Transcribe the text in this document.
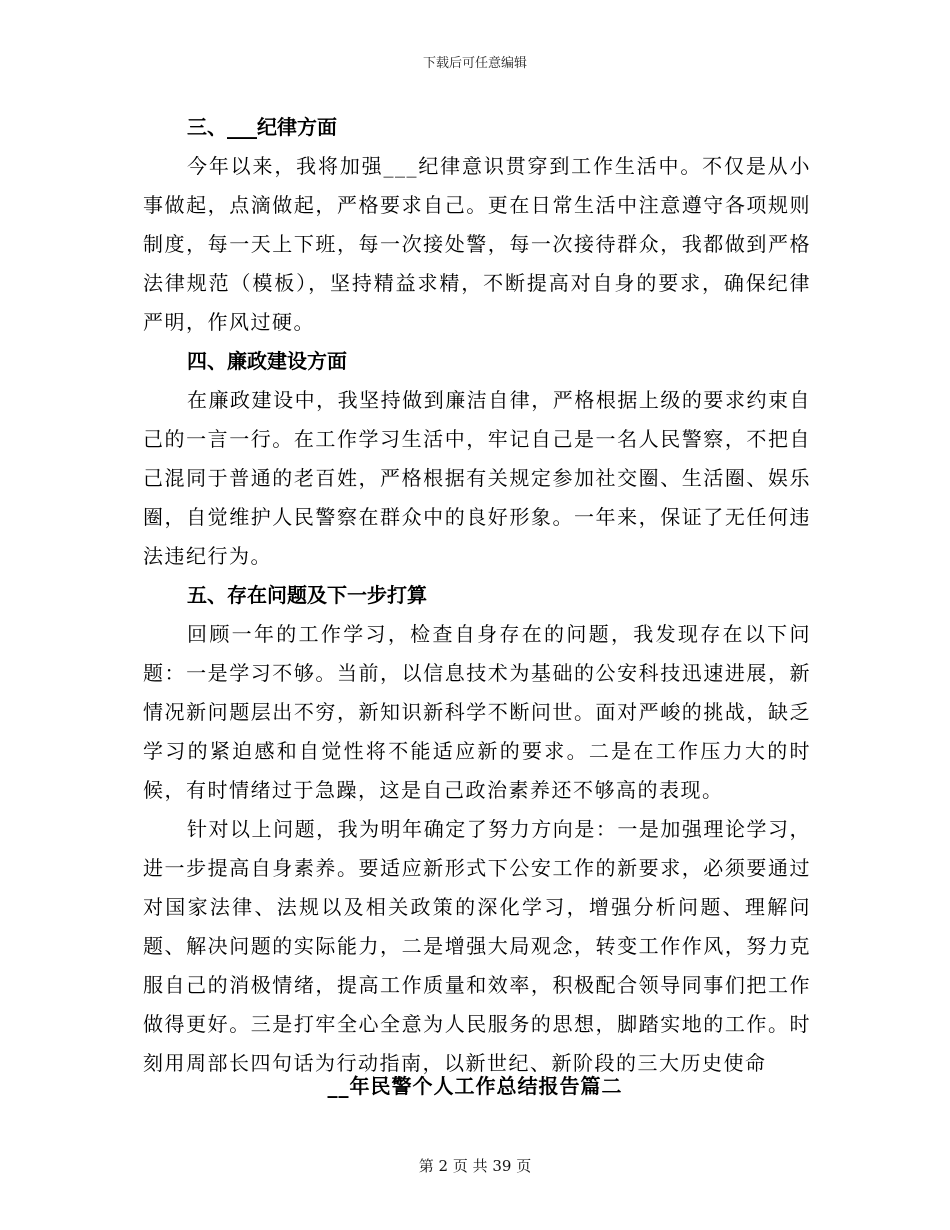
下载后可任意编辑

三、___纪律方面

今年以来，我将加强___纪律意识贯穿到工作生活中。不仅是从小事做起，点滴做起，严格要求自己。更在日常生活中注意遵守各项规则制度，每一天上下班，每一次接处警，每一次接待群众，我都做到严格法律规范（模板），坚持精益求精，不断提高对自身的要求，确保纪律严明，作风过硬。

四、廉政建设方面

在廉政建设中，我坚持做到廉洁自律，严格根据上级的要求约束自己的一言一行。在工作学习生活中，牢记自己是一名人民警察，不把自己混同于普通的老百姓，严格根据有关规定参加社交圈、生活圈、娱乐圈，自觉维护人民警察在群众中的良好形象。一年来，保证了无任何违法违纪行为。

五、存在问题及下一步打算

回顾一年的工作学习，检查自身存在的问题，我发现存在以下问题：一是学习不够。当前，以信息技术为基础的公安科技迅速进展，新情况新问题层出不穷，新知识新科学不断问世。面对严峻的挑战，缺乏学习的紧迫感和自觉性将不能适应新的要求。二是在工作压力大的时候，有时情绪过于急躁，这是自己政治素养还不够高的表现。

针对以上问题，我为明年确定了努力方向是：一是加强理论学习，进一步提高自身素养。要适应新形式下公安工作的新要求，必须要通过对国家法律、法规以及相关政策的深化学习，增强分析问题、理解问题、解决问题的实际能力，二是增强大局观念，转变工作作风，努力克服自己的消极情绪，提高工作质量和效率，积极配合领导同事们把工作做得更好。三是打牢全心全意为人民服务的思想，脚踏实地的工作。时刻用周部长四句话为行动指南，以新世纪、新阶段的三大历史使命

__年民警个人工作总结报告篇二
第 2 页 共 39 页
